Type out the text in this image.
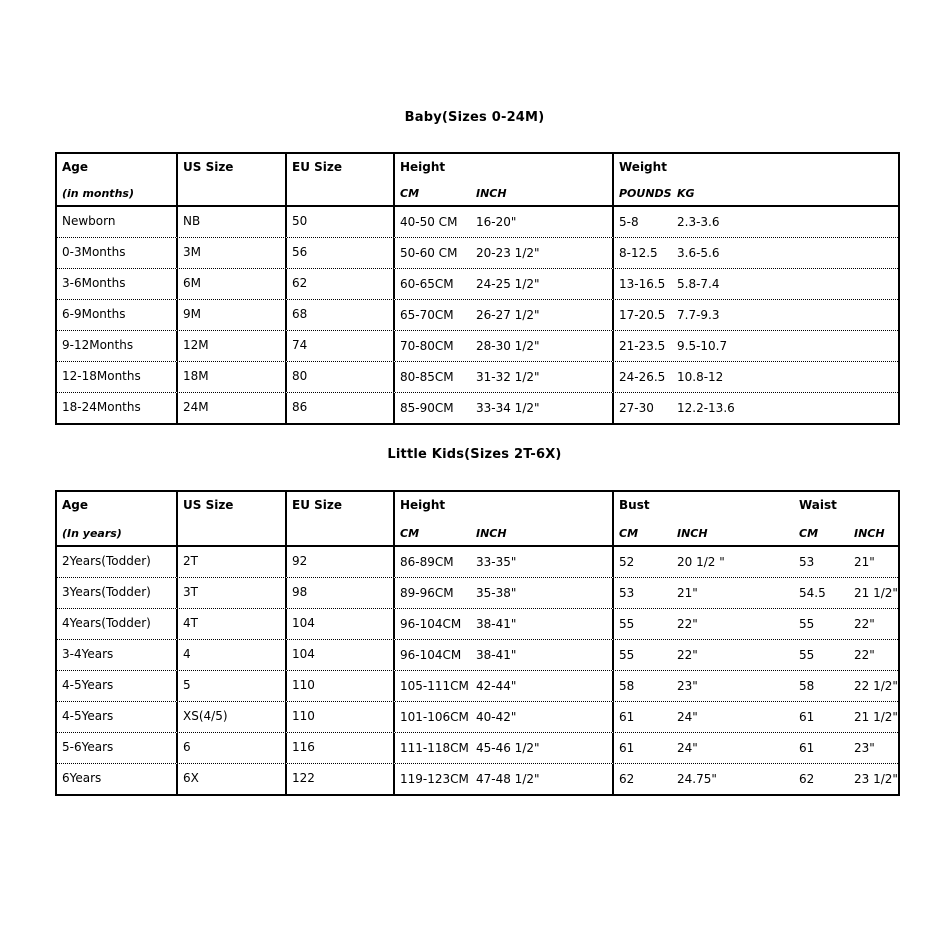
Baby(Sizes 0-24M)
Age
(in months)
US Size	EU Size	Height
CM	INCH
Weight
POUNDS KG
Newborn	NB	50	40-50 CM	16-20"	5-8	2.3-3.6
0-3Months	3M	56	50-60 CM	20-23 1/2"	8-12.5	3.6-5.6
3-6Months	6M	62	60-65CM	24-25 1/2"	13-16.5 5.8-7.4
6-9Months	9M	68	65-70CM	26-27 1/2"	17-20.5 7.7-9.3
9-12Months	12M	74	70-80CM	28-30 1/2"	21-23.5 9.5-10.7
12-18Months	18M	80	80-85CM	31-32 1/2"	24-26.5 10.8-12
18-24Months	24M	86	85-90CM	33-34 1/2"	27-30	12.2-13.6
Little Kids(Sizes 2T-6X)
Age
(In years)
US Size	EU Size	Height
CM	INCH
Bust	Waist
CM	INCH	CM	INCH
2Years(Todder)	2T	92	86-89CM	33-35"	52	20 1/2 "	53	21"
3Years(Todder)	3T	98	89-96CM	35-38"	53	21"	54.5	21 1/2"
4Years(Todder)	4T	104	96-104CM	38-41"	55	22"	55	22"
3-4Years	4	104	96-104CM	38-41"	55	22"	55	22"
4-5Years	5	110	105-111CM 42-44"	58	23"	58	22 1/2"
4-5Years	XS(4/5)	110	101-106CM 40-42"	61	24"	61	21 1/2"
5-6Years	6	116	111-118CM 45-46 1/2"	61	24"	61	23"
6Years	6X	122	119-123CM 47-48 1/2"	62	24.75"	62	23 1/2"
